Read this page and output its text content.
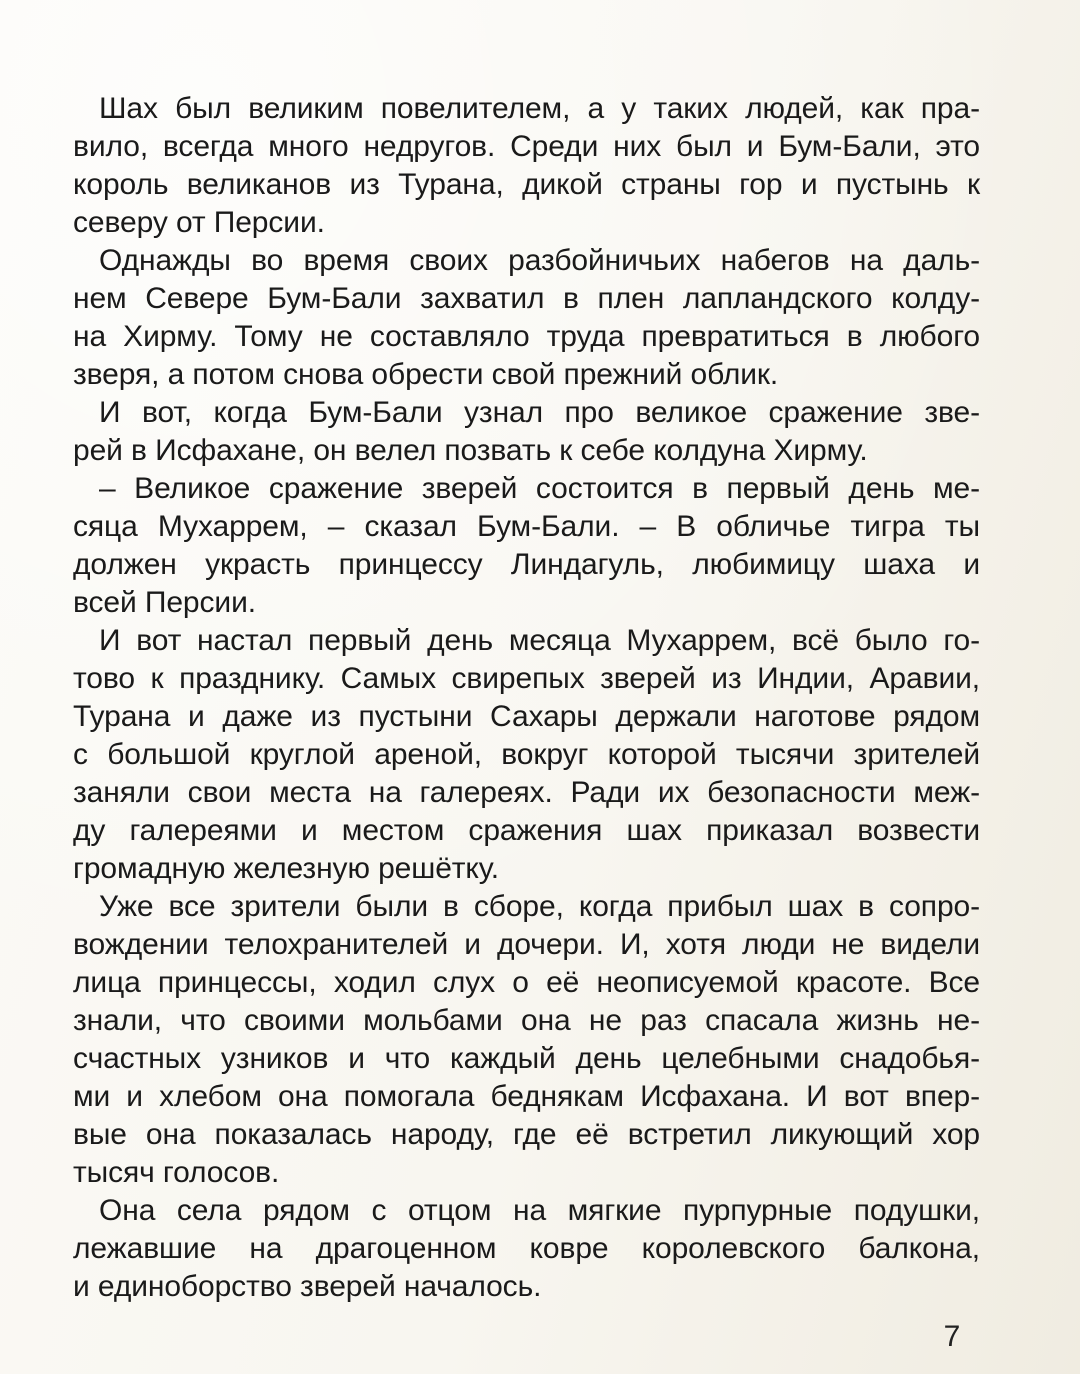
Шах был великим повелителем, а у таких людей, как пра-
вило, всегда много недругов. Среди них был и Бум-Бали, это
король великанов из Турана, дикой страны гор и пустынь к
северу от Персии.
Однажды во время своих разбойничьих набегов на даль-
нем Севере Бум-Бали захватил в плен лапландского колду-
на Хирму. Тому не составляло труда превратиться в любого
зверя, а потом снова обрести свой прежний облик.
И вот, когда Бум-Бали узнал про великое сражение зве-
рей в Исфахане, он велел позвать к себе колдуна Хирму.
– Великое сражение зверей состоится в первый день ме-
сяца Мухаррем, – сказал Бум-Бали. – В обличье тигра ты
должен украсть принцессу Линдагуль, любимицу шаха и
всей Персии.
И вот настал первый день месяца Мухаррем, всё было го-
тово к празднику. Самых свирепых зверей из Индии, Аравии,
Турана и даже из пустыни Сахары держали наготове рядом
с большой круглой ареной, вокруг которой тысячи зрителей
заняли свои места на галереях. Ради их безопасности меж-
ду галереями и местом сражения шах приказал возвести
громадную железную решётку.
Уже все зрители были в сборе, когда прибыл шах в сопро-
вождении телохранителей и дочери. И, хотя люди не видели
лица принцессы, ходил слух о её неописуемой красоте. Все
знали, что своими мольбами она не раз спасала жизнь не-
счастных узников и что каждый день целебными снадобья-
ми и хлебом она помогала беднякам Исфахана. И вот впер-
вые она показалась народу, где её встретил ликующий хор
тысяч голосов.
Она села рядом с отцом на мягкие пурпурные подушки,
лежавшие на драгоценном ковре королевского балкона,
и единоборство зверей началось.
7
